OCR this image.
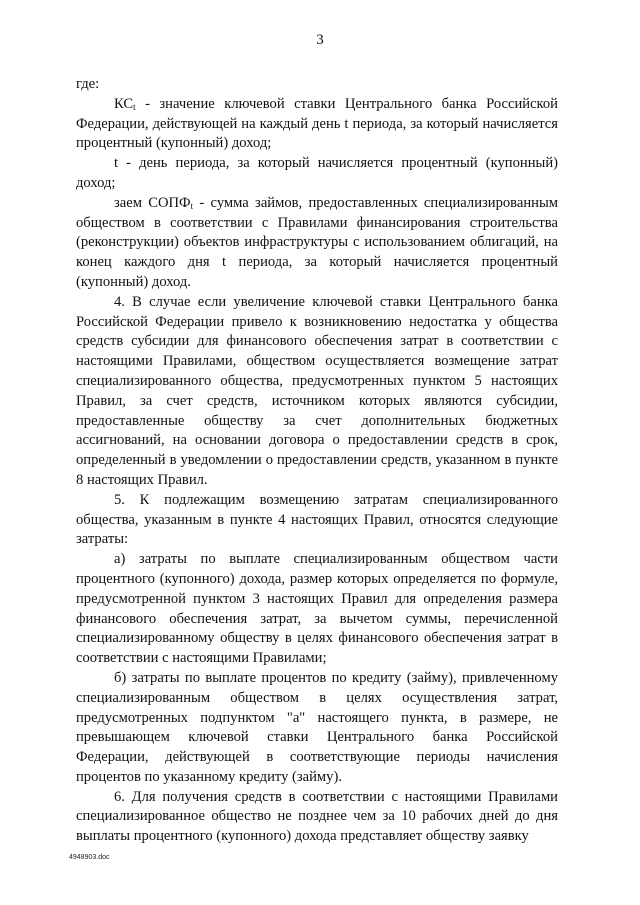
3

где:

$КС_t$ - значение ключевой ставки Центрального банка Российской Федерации, действующей на каждый день t периода, за который начисляется процентный (купонный) доход;

t - день периода, за который начисляется процентный (купонный) доход;

заем $СОПФ_t$ - сумма займов, предоставленных специализированным обществом в соответствии с Правилами финансирования строительства (реконструкции) объектов инфраструктуры с использованием облигаций, на конец каждого дня t периода, за который начисляется процентный (купонный) доход.

4. В случае если увеличение ключевой ставки Центрального банка Российской Федерации привело к возникновению недостатка у общества средств субсидии для финансового обеспечения затрат в соответствии с настоящими Правилами, обществом осуществляется возмещение затрат специализированного общества, предусмотренных пунктом 5 настоящих Правил, за счет средств, источником которых являются субсидии, предоставленные обществу за счет дополнительных бюджетных ассигнований, на основании договора о предоставлении средств в срок, определенный в уведомлении о предоставлении средств, указанном в пункте 8 настоящих Правил.

5. К подлежащим возмещению затратам специализированного общества, указанным в пункте 4 настоящих Правил, относятся следующие затраты:

а) затраты по выплате специализированным обществом части процентного (купонного) дохода, размер которых определяется по формуле, предусмотренной пунктом 3 настоящих Правил для определения размера финансового обеспечения затрат, за вычетом суммы, перечисленной специализированному обществу в целях финансового обеспечения затрат в соответствии с настоящими Правилами;

б) затраты по выплате процентов по кредиту (займу), привлеченному специализированным обществом в целях осуществления затрат, предусмотренных подпунктом "а" настоящего пункта, в размере, не превышающем ключевой ставки Центрального банка Российской Федерации, действующей в соответствующие периоды начисления процентов по указанному кредиту (займу).

6. Для получения средств в соответствии с настоящими Правилами специализированное общество не позднее чем за 10 рабочих дней до дня выплаты процентного (купонного) дохода представляет обществу заявку

4948903.doc
